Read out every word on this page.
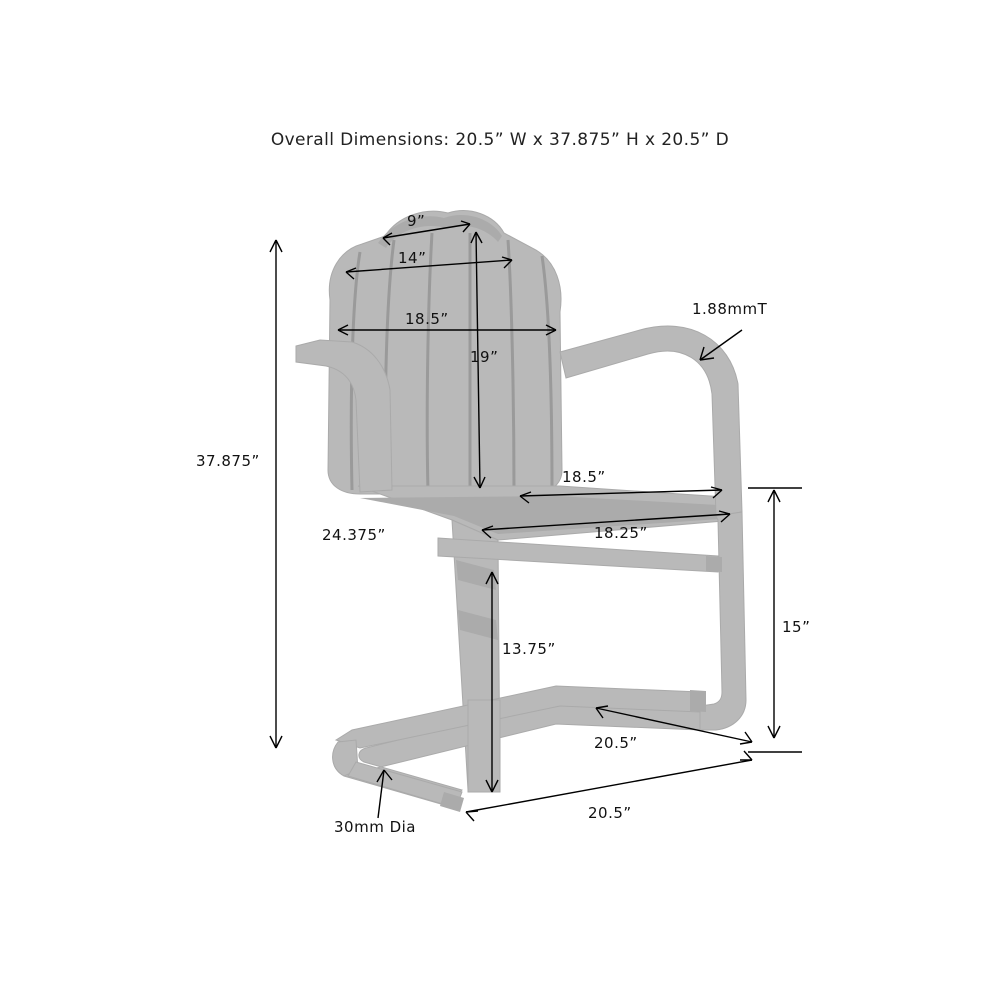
Overall Dimensions: 20.5” W x 37.875” H x 20.5” D
9”
14”
18.5”
19”
1.88mmT
37.875”
18.5”
18.25”
24.375”
15”
13.75”
20.5”
20.5”
30mm Dia
